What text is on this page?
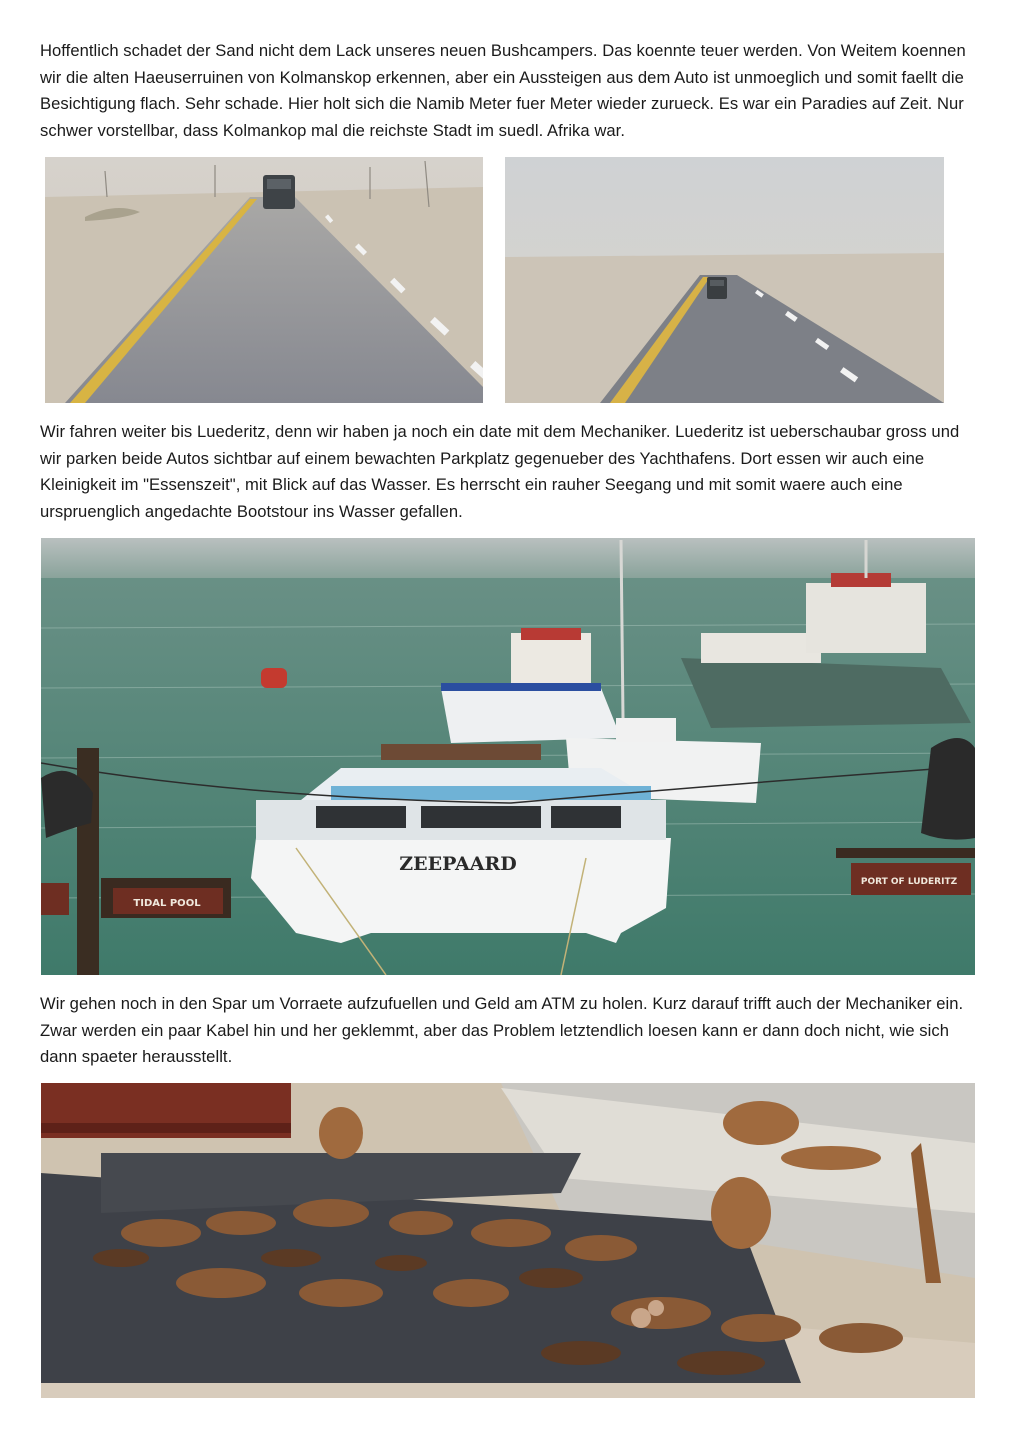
Hoffentlich schadet der Sand nicht dem Lack unseres neuen Bushcampers. Das koennte teuer werden. Von Weitem koennen wir die alten Haeuserruinen von Kolmanskop erkennen, aber ein Aussteigen aus dem Auto ist unmoeglich und somit faellt die Besichtigung flach. Sehr schade. Hier holt sich die Namib Meter fuer Meter wieder zurueck. Es war ein Paradies auf Zeit. Nur schwer vorstellbar, dass Kolmankop mal die reichste Stadt im suedl. Afrika war.

Wir fahren weiter bis Luederitz, denn wir haben ja noch ein date mit dem Mechaniker. Luederitz ist ueberschaubar gross und wir parken beide Autos sichtbar auf einem bewachten Parkplatz gegenueber des Yachthafens. Dort essen wir auch eine Kleinigkeit im "Essenszeit", mit Blick auf das Wasser. Es herrscht ein rauher Seegang und mit somit waere auch eine urspruenglich angedachte Bootstour ins Wasser gefallen.

ZEEPAARD
TIDAL POOL
PORT OF LUDERITZ

Wir gehen noch in den Spar um Vorraete aufzufuellen und Geld am ATM zu holen. Kurz darauf trifft auch der Mechaniker ein. Zwar werden ein paar Kabel hin und her geklemmt, aber das Problem letztendlich loesen kann er dann doch nicht, wie sich dann spaeter herausstellt.
